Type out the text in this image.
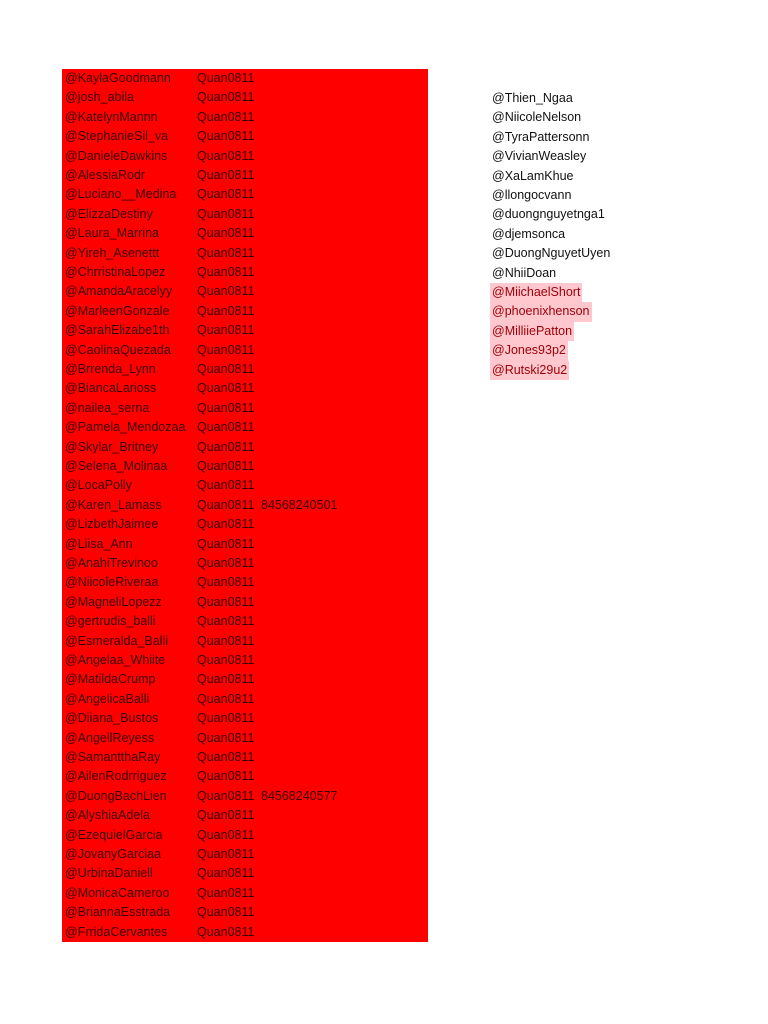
@KaylaGoodmann Quan0811
@josh_abila	Quan0811
@KatelynMannn	Quan0811
@StephanieSil_va Quan0811
@DanieleDawkins Quan0811
@AlessiaRodr	Quan0811
@Luciano__Medina Quan0811
@ElizzaDestiny	Quan0811
@Laura_Marrina	Quan0811
@Yireh_Asenettt	Quan0811
@ChrristinaLopez	Quan0811
@AmandaAracelyy Quan0811
@MarleenGonzale Quan0811
@SarahElizabe1th Quan0811
@CaolinaQuezada Quan0811
@Brrenda_Lynn	Quan0811
@BiancaLarioss	Quan0811
@nailea_serna	Quan0811
@Pamela_Mendozaa Quan0811
@Skylar_Britney	Quan0811
@Selena_Molinaa Quan0811
@LocaPolly	Quan0811
@Karen_Lamass	Quan0811 84568240501
@LizbethJaimee	Quan0811
@Liisa_Ann	Quan0811
@AnahiTrevinoo	Quan0811
@NiicoleRiveraa	Quan0811
@MagneliLopezz	Quan0811
@gertrudis_balli	Quan0811
@Esmeralda_Balli Quan0811
@Angelaa_Whiite	Quan0811
@MatildaCrump	Quan0811
@AngelicaBalli	Quan0811
@Diiana_Bustos	Quan0811
@AngellReyess	Quan0811
@SamantthaRay	Quan0811
@AilenRodrriguez Quan0811
@DuongBachLien Quan0811 84568240577
@AlyshiaAdela	Quan0811
@EzequielGarcia	Quan0811
@JovanyGarciaa	Quan0811
@UrbinaDaniell	Quan0811
@MonicaCameroo Quan0811
@BriannaEsstrada Quan0811
@FrridaCervantes Quan0811
@Thien_Ngaa
@NiicoleNelson
@TyraPattersonn
@VivianWeasley
@XaLamKhue
@llongocvann
@duongnguyetnga1
@djemsonca
@DuongNguyetUyen
@NhiiDoan
@MiichaelShort
@phoenixhenson
@MilliiePatton
@Jones93p2
@Rutski29u2
